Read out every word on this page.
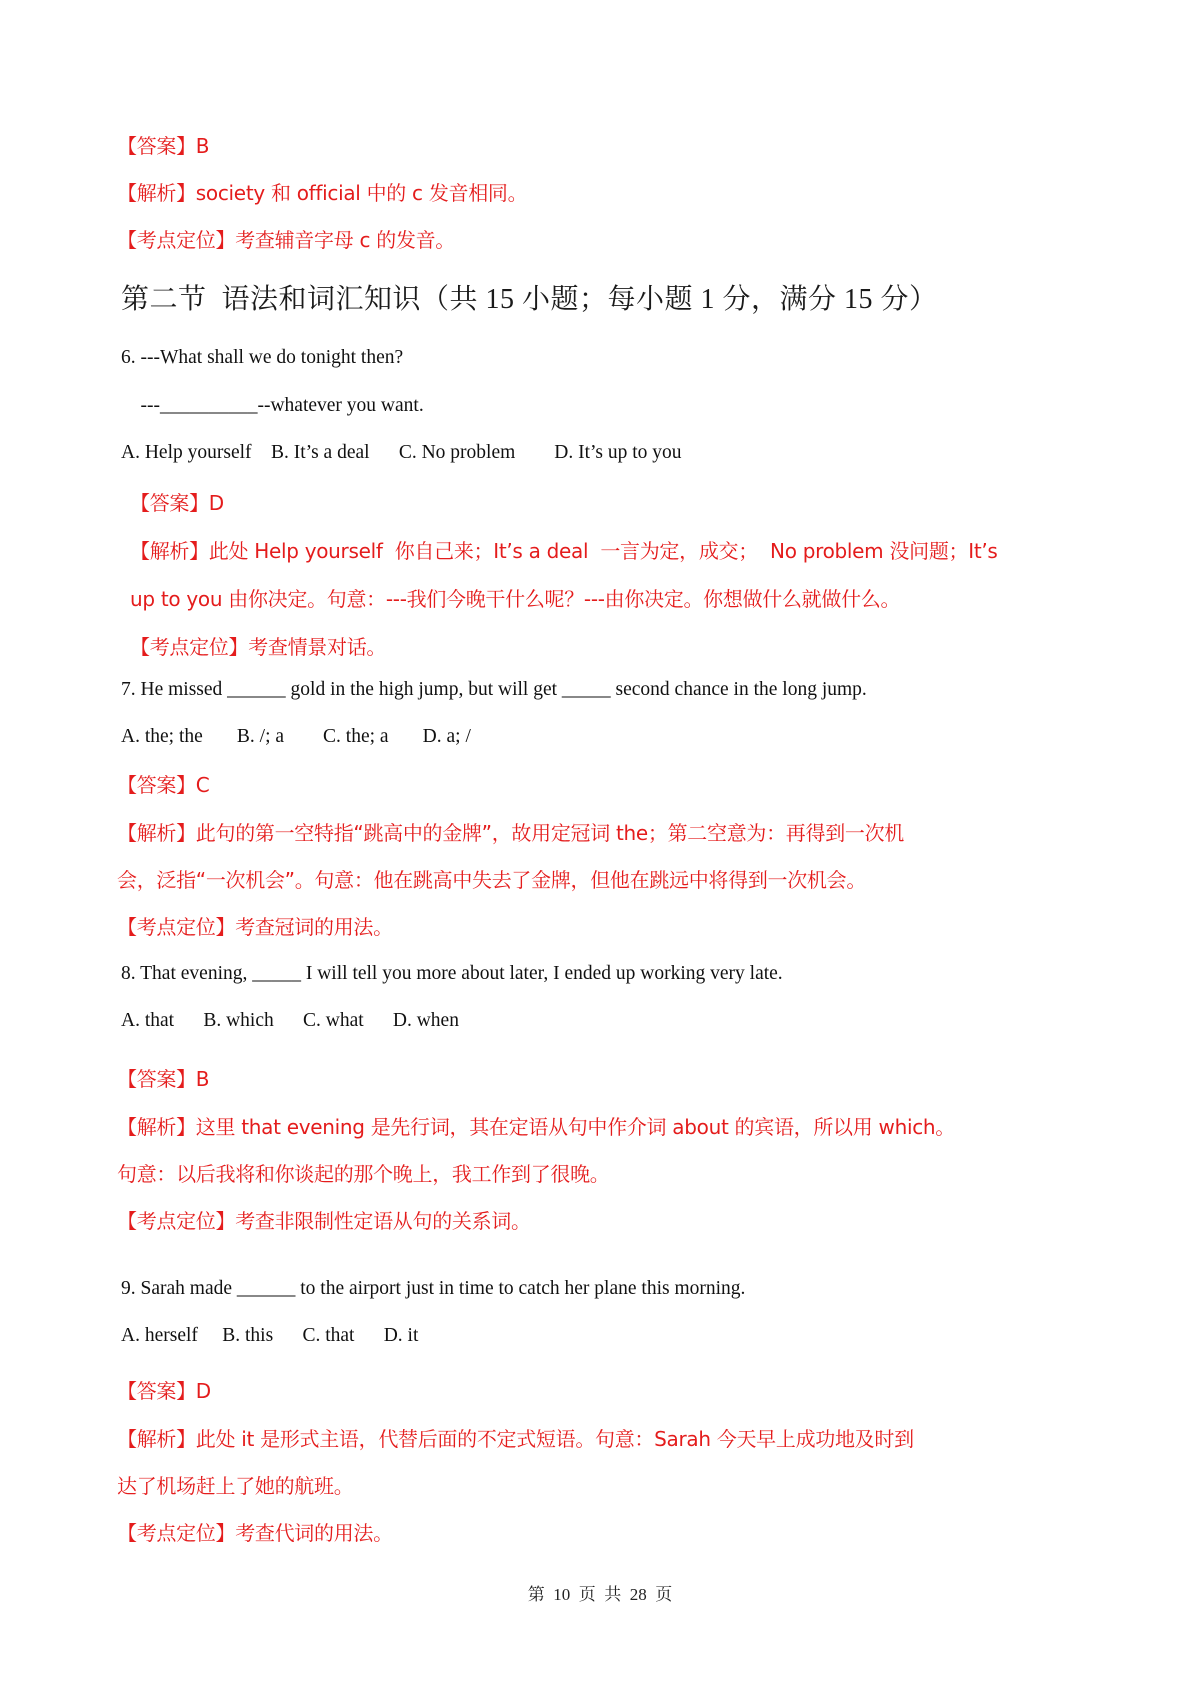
【答案】B
【解析】society 和 official 中的 c 发音相同。
【考点定位】考查辅音字母 c 的发音。
第二节  语法和词汇知识（共 15 小题；每小题 1 分，满分 15 分）
6. ---What shall we do tonight then?
---__________--whatever you want.
A. Help yourself    B. It’s a deal      C. No problem        D. It’s up to you
【答案】D
【解析】此处 Help yourself  你自己来；It’s a deal  一言为定，成交；  No problem 没问题；It’s
up to you 由你决定。句意：---我们今晚干什么呢？---由你决定。你想做什么就做什么。
【考点定位】考查情景对话。
7. He missed ______ gold in the high jump, but will get _____ second chance in the long jump.
A. the; the       B. /; a        C. the; a       D. a; /
【答案】C
【解析】此句的第一空特指“跳高中的金牌”，故用定冠词 the；第二空意为：再得到一次机
会，泛指“一次机会”。句意：他在跳高中失去了金牌，但他在跳远中将得到一次机会。
【考点定位】考查冠词的用法。
8. That evening, _____ I will tell you more about later, I ended up working very late.
A. that      B. which      C. what      D. when
【答案】B
【解析】这里 that evening 是先行词，其在定语从句中作介词 about 的宾语，所以用 which。
句意：以后我将和你谈起的那个晚上，我工作到了很晚。
【考点定位】考查非限制性定语从句的关系词。
9. Sarah made ______ to the airport just in time to catch her plane this morning.
A. herself     B. this      C. that      D. it
【答案】D
【解析】此处 it 是形式主语，代替后面的不定式短语。句意：Sarah 今天早上成功地及时到
达了机场赶上了她的航班。
【考点定位】考查代词的用法。
第  10  页  共  28  页
